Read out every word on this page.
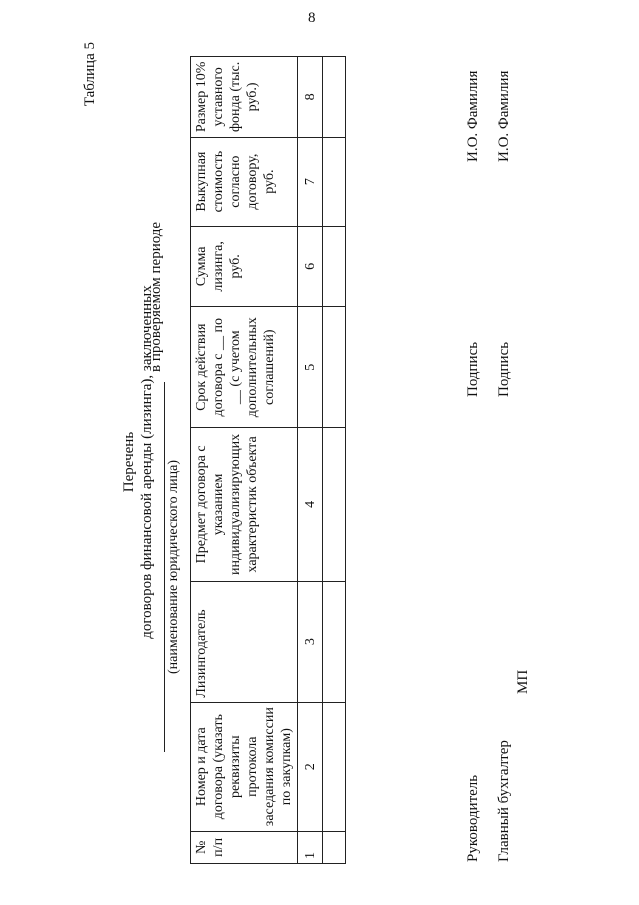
8
Таблица 5
Перечень договоров финансовой аренды (лизинга), заключенных
в проверяемом периоде
(наименование юридического лица)
№ п/п	Номер и дата договора (указать реквизиты протокола заседания комиссии по закупкам)	Лизингодатель	Предмет договора с указанием индивидуализирующих характеристик объекта	Срок действия договора с __ по __ (с учетом дополнительных соглашений)	Сумма лизинга, руб.	Выкупная стоимость согласно договору, руб.	Размер 10% уставного фонда (тыс. руб.)
1	2	3	4	5	6	7	8

Руководитель
Подпись
И.О. Фамилия
Главный бухгалтер
Подпись
И.О. Фамилия
МП
